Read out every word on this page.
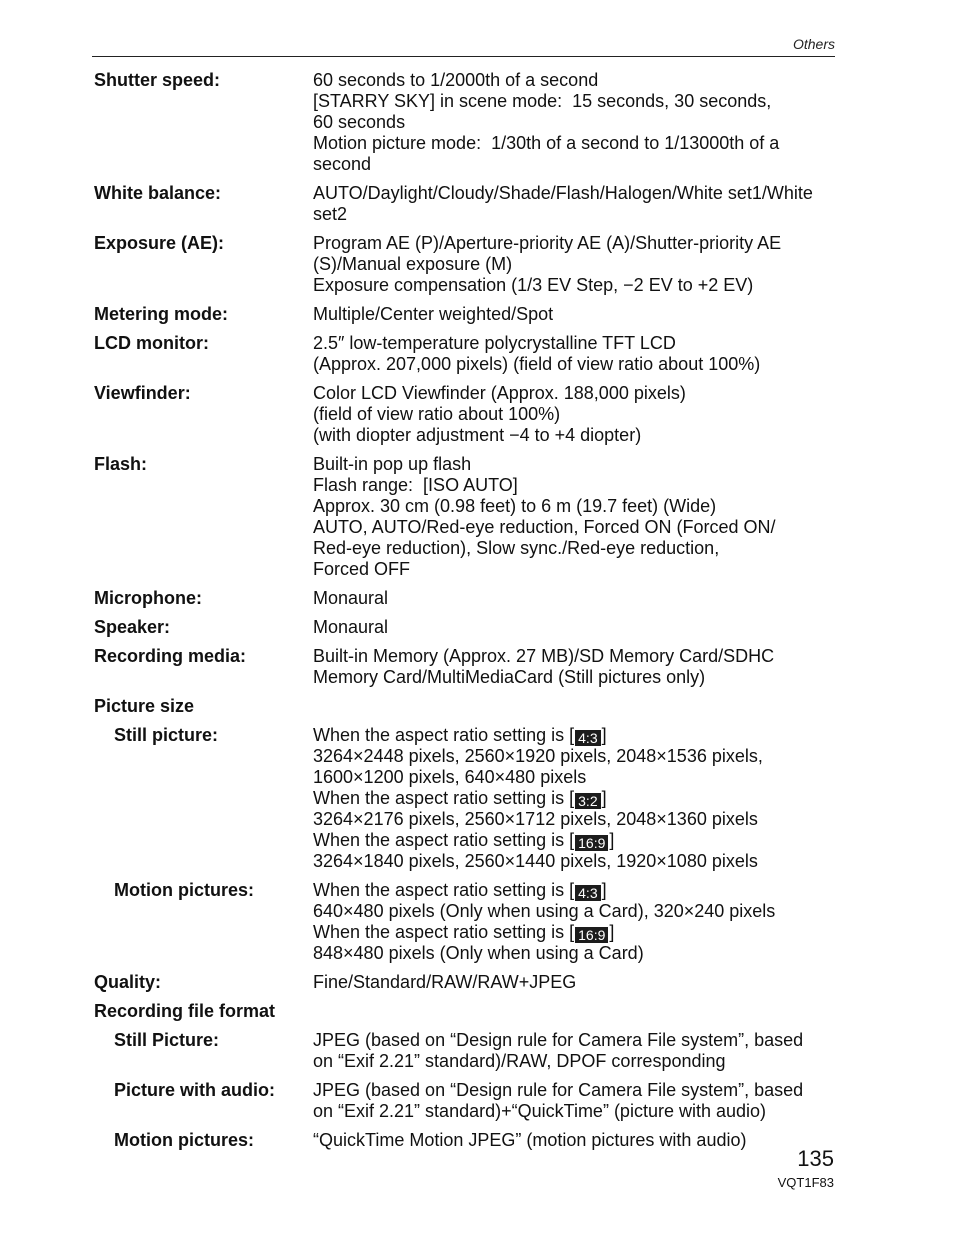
Others
Shutter speed:	60 seconds to 1/2000th of a second
[STARRY SKY] in scene mode:  15 seconds, 30 seconds,
60 seconds
Motion picture mode:  1/30th of a second to 1/13000th of a
second
White balance:	AUTO/Daylight/Cloudy/Shade/Flash/Halogen/White set1/White
set2
Exposure (AE):	Program AE (P)/Aperture-priority AE (A)/Shutter-priority AE
(S)/Manual exposure (M)
Exposure compensation (1/3 EV Step, −2 EV to +2 EV)
Metering mode:	Multiple/Center weighted/Spot
LCD monitor:	2.5″ low-temperature polycrystalline TFT LCD
(Approx. 207,000 pixels) (field of view ratio about 100%)
Viewfinder:	Color LCD Viewfinder (Approx. 188,000 pixels)
(field of view ratio about 100%)
(with diopter adjustment −4 to +4 diopter)
Flash:	Built-in pop up flash
Flash range:  [ISO AUTO]
Approx. 30 cm (0.98 feet) to 6 m (19.7 feet) (Wide)
AUTO, AUTO/Red-eye reduction, Forced ON (Forced ON/
Red-eye reduction), Slow sync./Red-eye reduction,
Forced OFF
Microphone:	Monaural
Speaker:	Monaural
Recording media:	Built-in Memory (Approx. 27 MB)/SD Memory Card/SDHC
Memory Card/MultiMediaCard (Still pictures only)
Picture size
Still picture:	When the aspect ratio setting is [ 4:3 ]
3264×2448 pixels, 2560×1920 pixels, 2048×1536 pixels,
1600×1200 pixels, 640×480 pixels
When the aspect ratio setting is [ 3:2 ]
3264×2176 pixels, 2560×1712 pixels, 2048×1360 pixels
When the aspect ratio setting is [ 16:9 ]
3264×1840 pixels, 2560×1440 pixels, 1920×1080 pixels
Motion pictures:	When the aspect ratio setting is [ 4:3 ]
640×480 pixels (Only when using a Card), 320×240 pixels
When the aspect ratio setting is [ 16:9 ]
848×480 pixels (Only when using a Card)
Quality:	Fine/Standard/RAW/RAW+JPEG
Recording file format
Still Picture:	JPEG (based on “Design rule for Camera File system”, based
on “Exif 2.21” standard)/RAW, DPOF corresponding
Picture with audio:	JPEG (based on “Design rule for Camera File system”, based
on “Exif 2.21” standard)+“QuickTime” (picture with audio)
Motion pictures:	“QuickTime Motion JPEG” (motion pictures with audio)
135
VQT1F83
